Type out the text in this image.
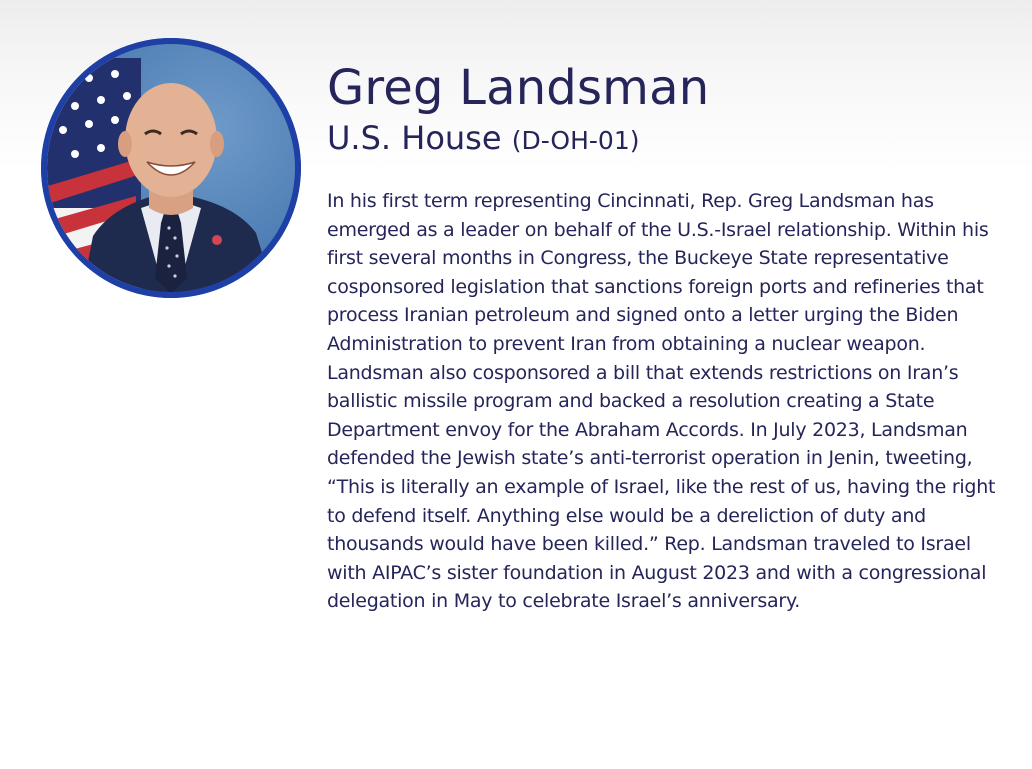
Greg Landsman

U.S. House (D-OH-01)

In his first term representing Cincinnati, Rep. Greg Landsman has emerged as a leader on behalf of the U.S.-Israel relationship. Within his first several months in Congress, the Buckeye State representative cosponsored legislation that sanctions foreign ports and refineries that process Iranian petroleum and signed onto a letter urging the Biden Administration to prevent Iran from obtaining a nuclear weapon. Landsman also cosponsored a bill that extends restrictions on Iran’s ballistic missile program and backed a resolution creating a State Department envoy for the Abraham Accords. In July 2023, Landsman defended the Jewish state’s anti-terrorist operation in Jenin, tweeting, “This is literally an example of Israel, like the rest of us, having the right to defend itself. Anything else would be a dereliction of duty and thousands would have been killed.” Rep. Landsman traveled to Israel with AIPAC’s sister foundation in August 2023 and with a congressional delegation in May to celebrate Israel’s anniversary.
